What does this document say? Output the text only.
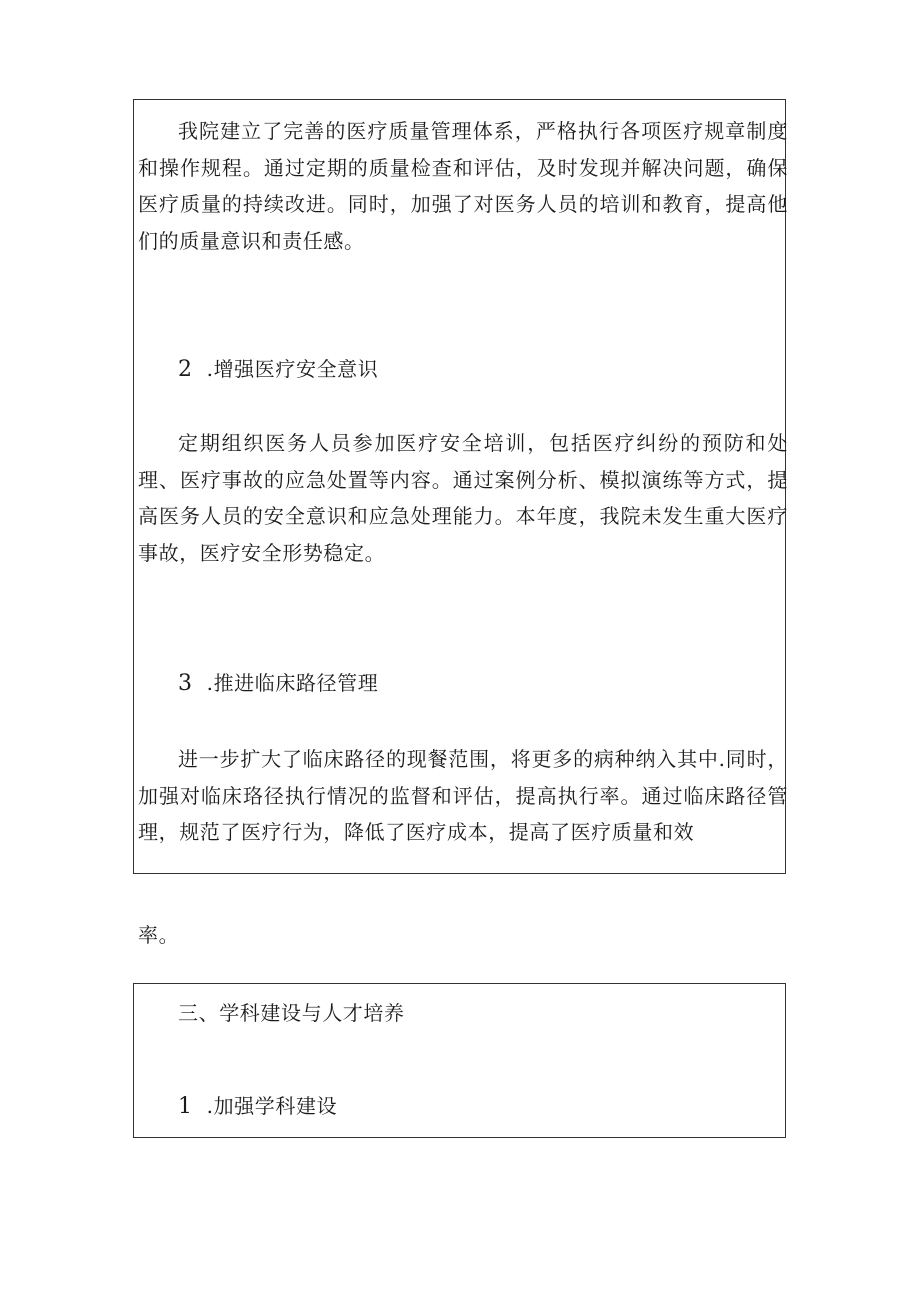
我院建立了完善的医疗质量管理体系，严格执行各项医疗规章制度和操作规程。通过定期的质量检查和评估，及时发现并解决问题，确保医疗质量的持续改进。同时，加强了对医务人员的培训和教育，提高他们的质量意识和责任感。

2 .增强医疗安全意识

定期组织医务人员参加医疗安全培训，包括医疗纠纷的预防和处理、医疗事故的应急处置等内容。通过案例分析、模拟演练等方式，提高医务人员的安全意识和应急处理能力。本年度，我院未发生重大医疗事故，医疗安全形势稳定。

3 .推进临床路径管理

进一步扩大了临床路径的现餐范围，将更多的病种纳入其中.同时，加强对临床珞径执行情况的监督和评估，提高执行率。通过临床路径管理，规范了医疗行为，降低了医疗成本，提高了医疗质量和效

率。

三、学科建设与人才培养

1 .加强学科建设
